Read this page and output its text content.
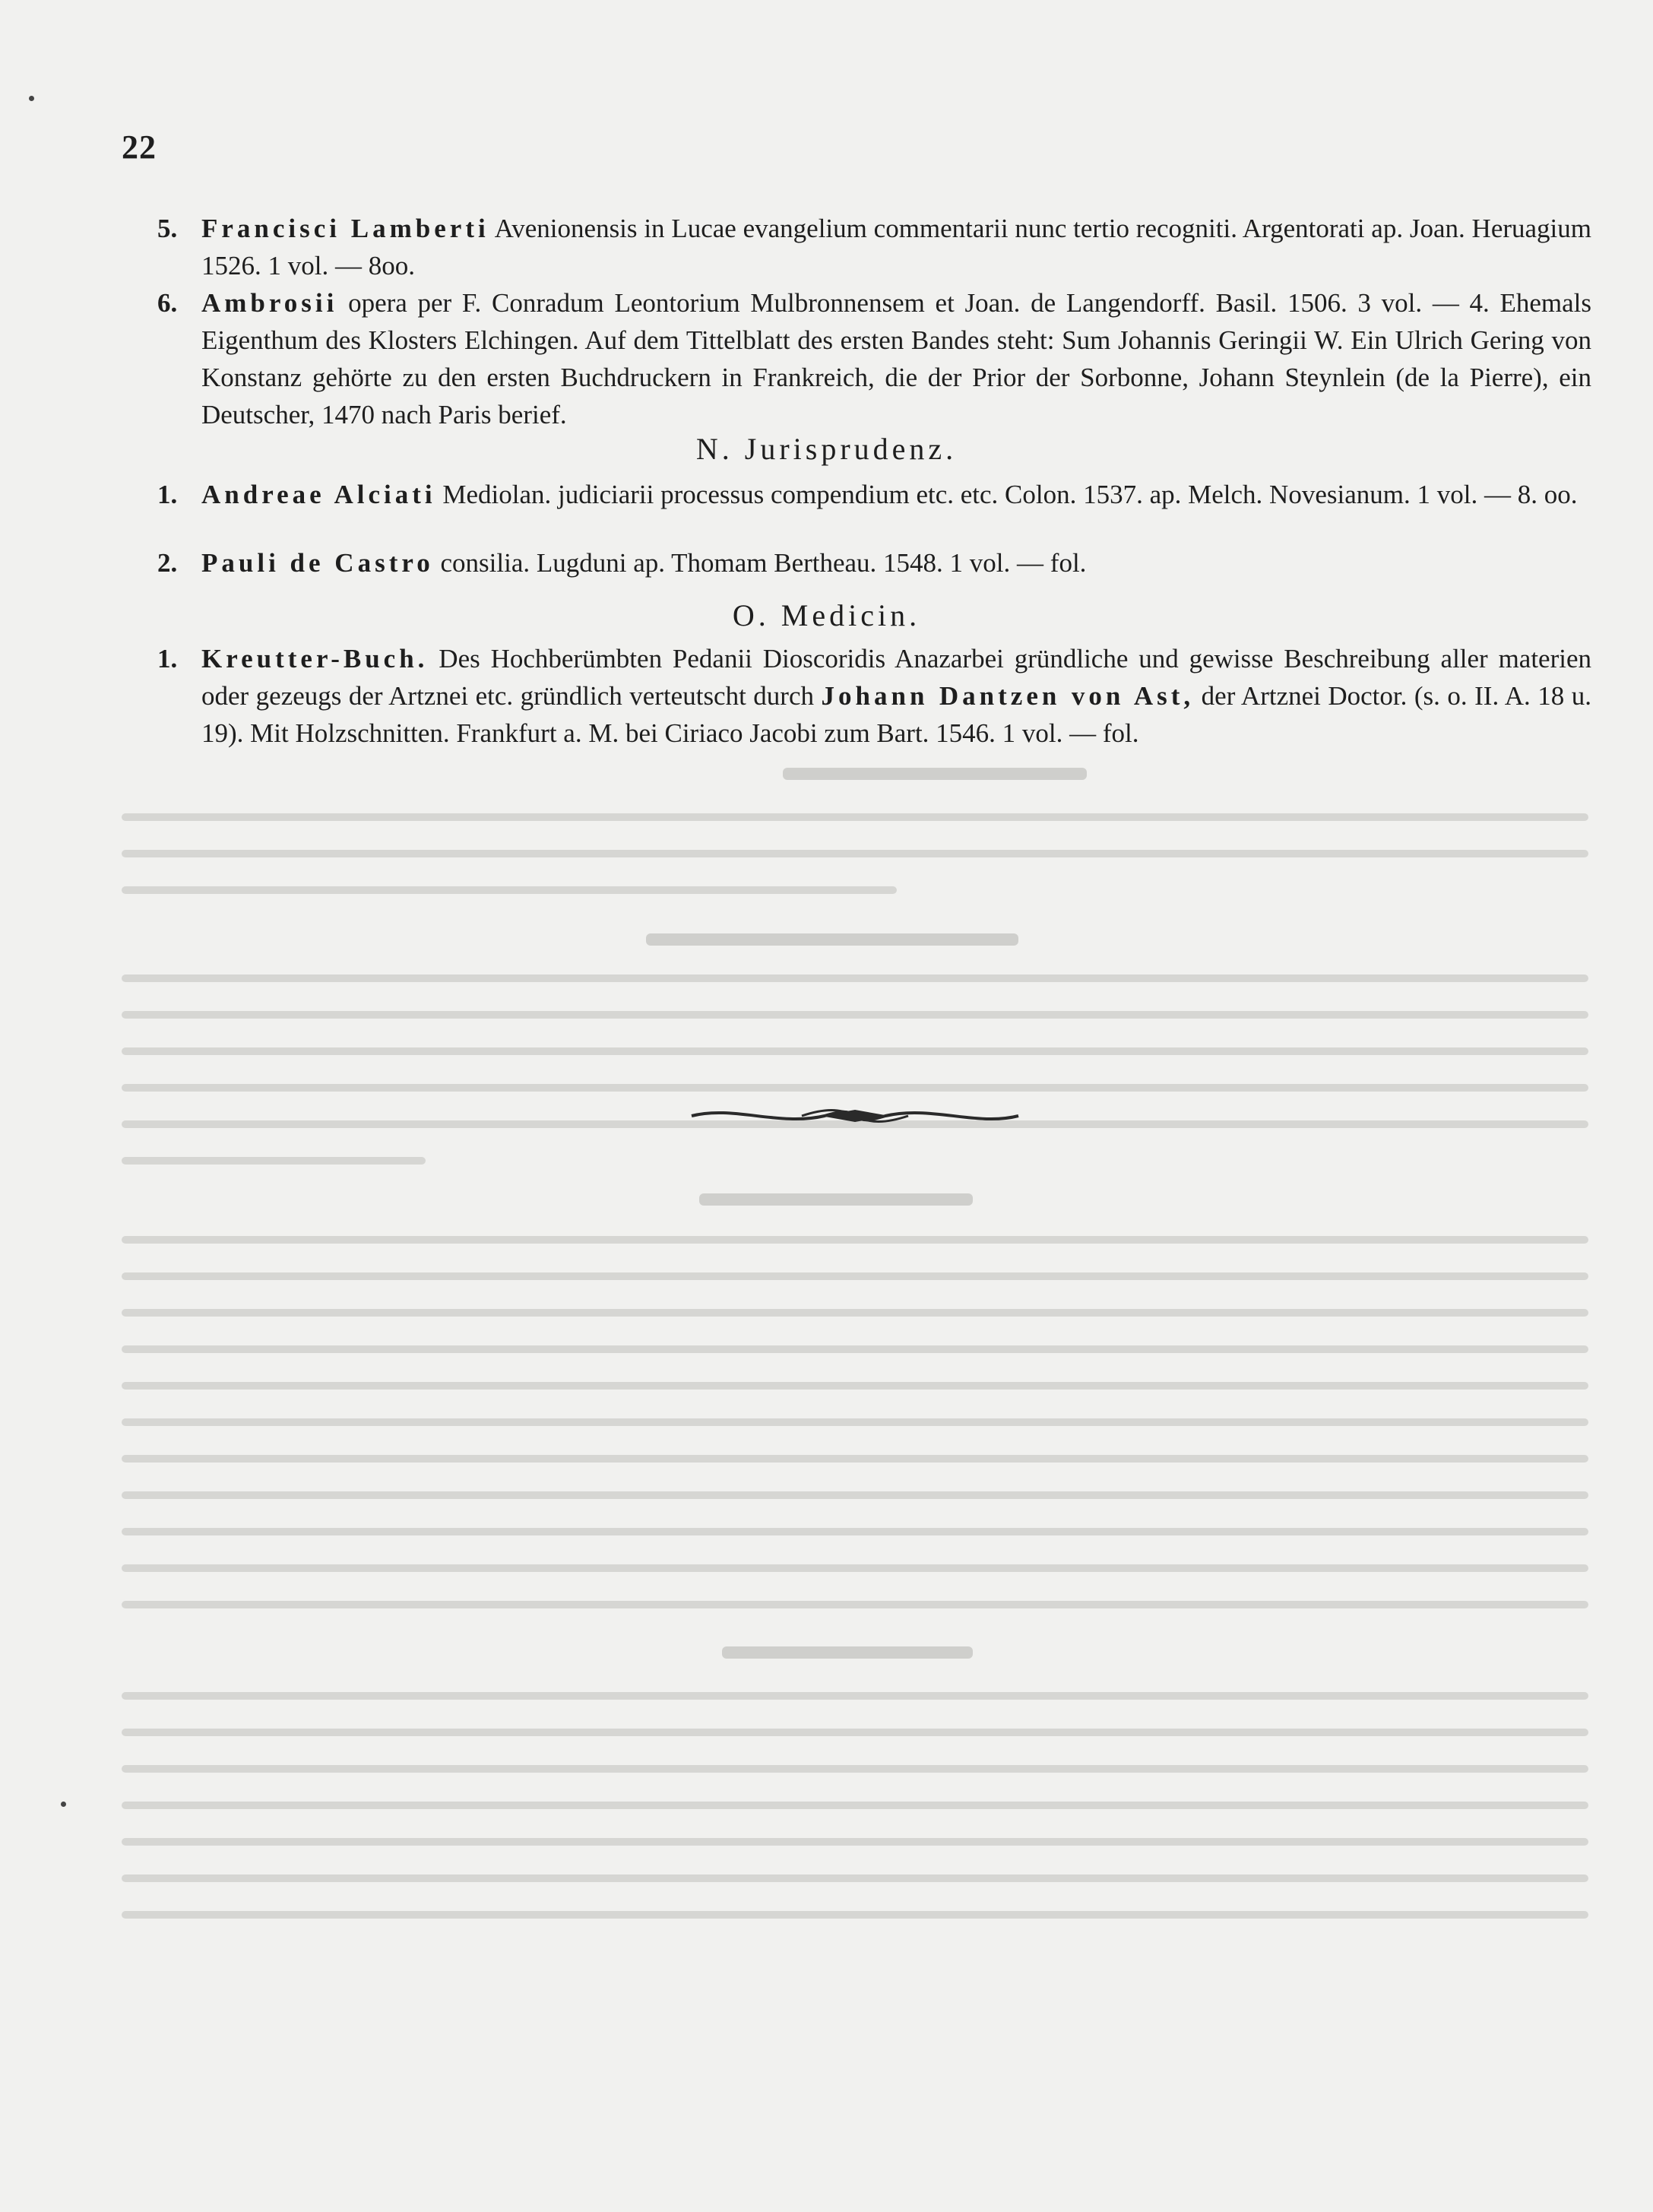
22
5. Francisci Lamberti Avenionensis in Lucae evangelium commentarii nunc tertio recogniti. Argentorati ap. Joan. Heruagium 1526. 1 vol. — 8oo.
6. Ambrosii opera per F. Conradum Leontorium Mulbronnensem et Joan. de Langendorff. Basil. 1506. 3 vol. — 4. Ehemals Eigenthum des Klosters Elchingen. Auf dem Tittelblatt des ersten Bandes steht: Sum Johannis Geringii W. Ein Ulrich Gering von Konstanz gehörte zu den ersten Buchdruckern in Frankreich, die der Prior der Sorbonne, Johann Steynlein (de la Pierre), ein Deutscher, 1470 nach Paris berief.
N. Jurisprudenz.
1. Andreae Alciati Mediolan. judiciarii processus compendium etc. etc. Colon. 1537. ap. Melch. Novesianum. 1 vol. — 8. oo.
2. Pauli de Castro consilia. Lugduni ap. Thomam Bertheau. 1548. 1 vol. — fol.
O. Medicin.
1. Kreutter-Buch. Des Hochberümbten Pedanii Dioscoridis Anazarbei gründliche und gewisse Beschreibung aller materien oder gezeugs der Artznei etc. gründlich verteutscht durch Johann Dantzen von Ast, der Artznei Doctor. (s. o. II. A. 18 u. 19). Mit Holzschnitten. Frankfurt a. M. bei Ciriaco Jacobi zum Bart. 1546. 1 vol. — fol.
